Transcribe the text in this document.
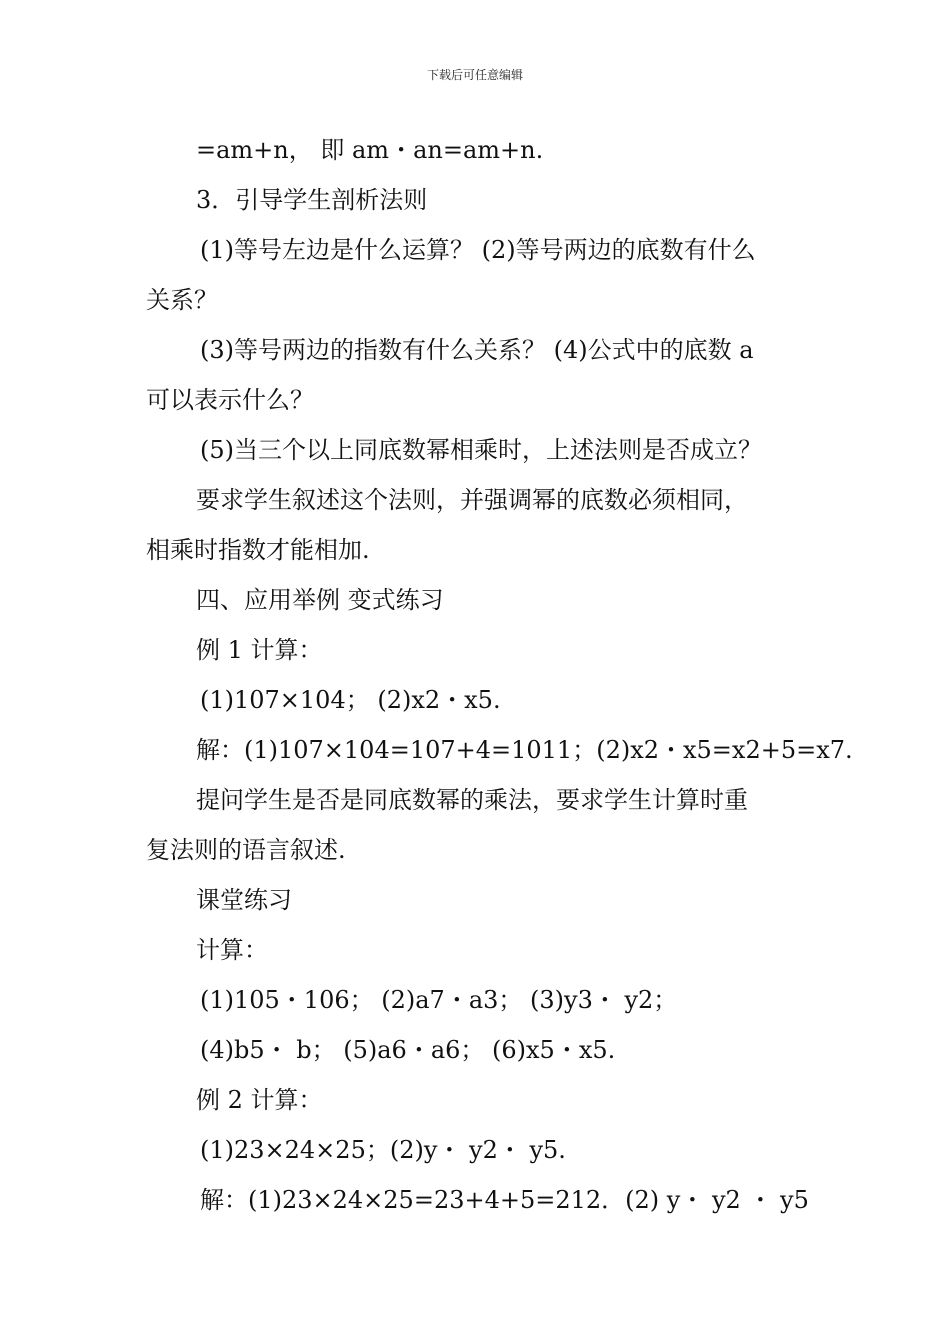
下载后可任意编辑
=am+n， 即 am・an=am+n.
3．引导学生剖析法则
(1)等号左边是什么运算？ (2)等号两边的底数有什么
关系？
(3)等号两边的指数有什么关系？ (4)公式中的底数 a
可以表示什么？
(5)当三个以上同底数幂相乘时，上述法则是否成立？
要求学生叙述这个法则，并强调幂的底数必须相同，
相乘时指数才能相加.
四、应用举例 变式练习
例 1 计算：
(1)107×104； (2)x2・x5.
解：(1)107×104=107+4=1011；(2)x2・x5=x2+5=x7.
提问学生是否是同底数幂的乘法，要求学生计算时重
复法则的语言叙述.
课堂练习
计算：
(1)105・106； (2)a7・a3； (3)y3・ y2；
(4)b5・ b； (5)a6・a6； (6)x5・x5.
例 2 计算：
(1)23×24×25；(2)y・ y2・ y5.
解：(1)23×24×25=23+4+5=212．(2) y・ y2 ・ y5
